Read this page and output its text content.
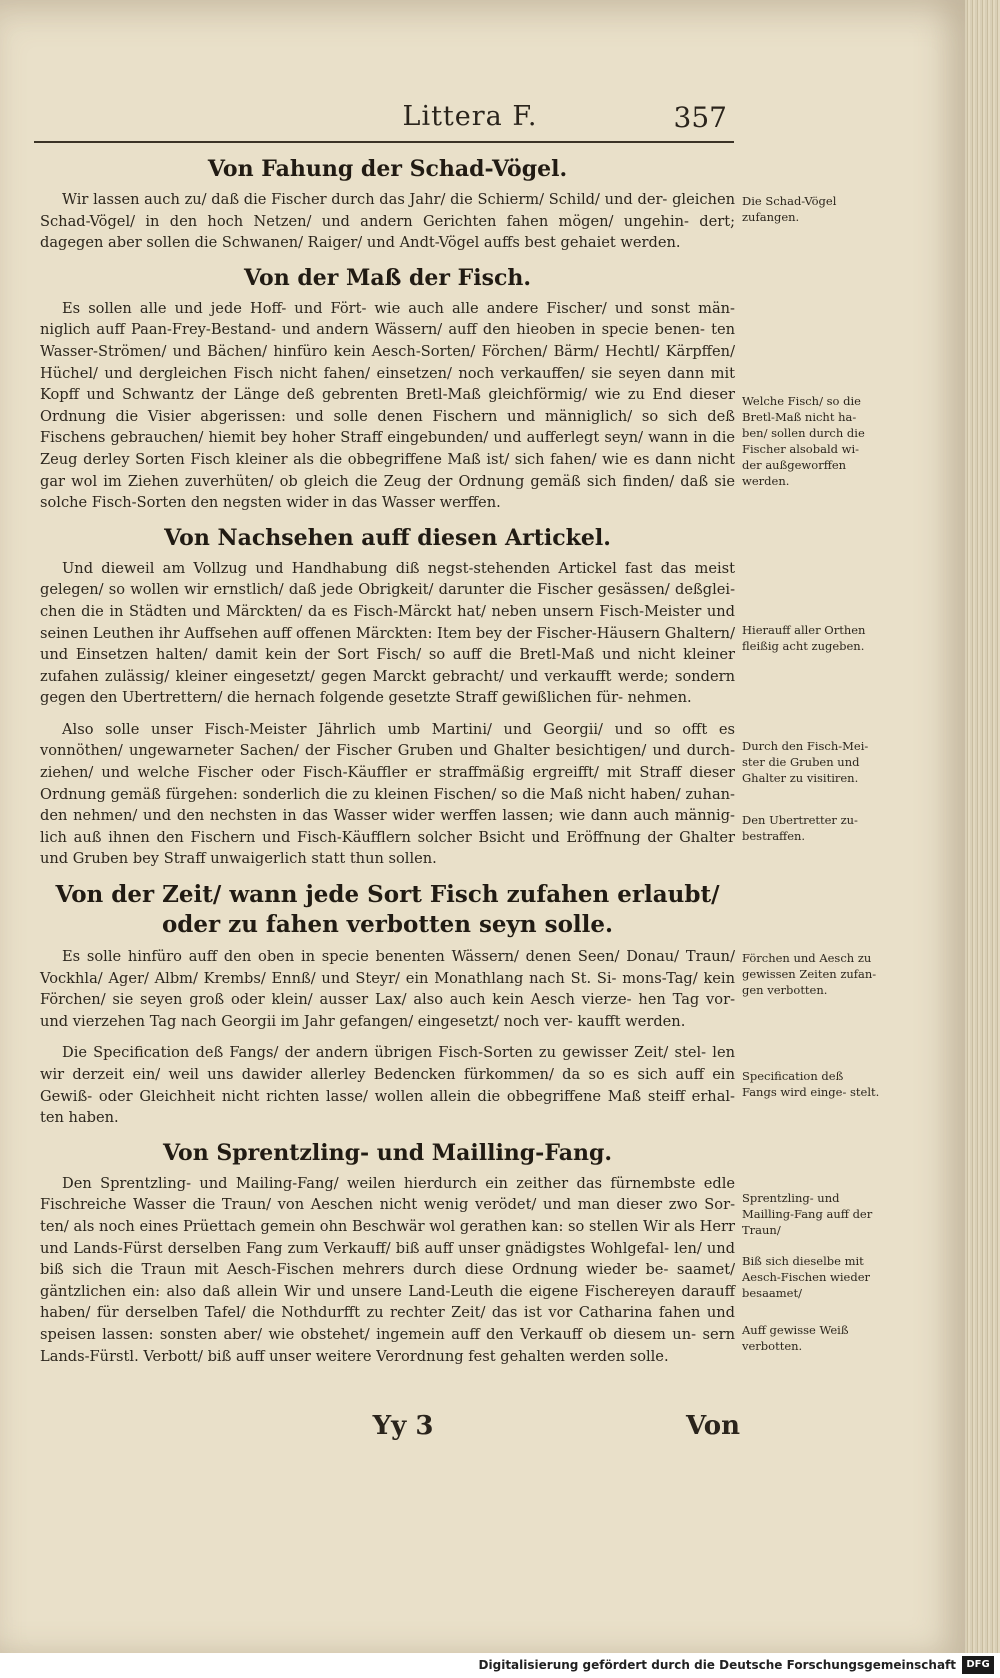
Littera F.	357
Von Fahung der Schad-Vögel.

Wir lassen auch zu/ daß die Fischer durch das Jahr/ die Schierm/ Schild/ und der- gleichen Schad-Vögel/ in den hoch Netzen/ und andern Gerichten fahen mögen/ ungehin- dert; dagegen aber sollen die Schwanen/ Raiger/ und Andt-Vögel auffs best gehaiet werden.

Von der Maß der Fisch.

Es sollen alle und jede Hoff- und Fört- wie auch alle andere Fischer/ und sonst män- niglich auff Paan-Frey-Bestand- und andern Wässern/ auff den hieoben in specie benen- ten Wasser-Strömen/ und Bächen/ hinfüro kein Aesch-Sorten/ Förchen/ Bärm/ Hechtl/ Kärpffen/ Hüchel/ und dergleichen Fisch nicht fahen/ einsetzen/ noch verkauffen/ sie seyen dann mit Kopff und Schwantz der Länge deß gebrenten Bretl-Maß gleichförmig/ wie zu End dieser Ordnung die Visier abgerissen: und solle denen Fischern und männiglich/ so sich deß Fischens gebrauchen/ hiemit bey hoher Straff eingebunden/ und aufferlegt seyn/ wann in die Zeug derley Sorten Fisch kleiner als die obbegriffene Maß ist/ sich fahen/ wie es dann nicht gar wol im Ziehen zuverhüten/ ob gleich die Zeug der Ordnung gemäß sich finden/ daß sie solche Fisch-Sorten den negsten wider in das Wasser werffen.

Von Nachsehen auff diesen Artickel.

Und dieweil am Vollzug und Handhabung diß negst-stehenden Artickel fast das meist gelegen/ so wollen wir ernstlich/ daß jede Obrigkeit/ darunter die Fischer gesässen/ deßglei- chen die in Städten und Märckten/ da es Fisch-Märckt hat/ neben unsern Fisch-Meister und seinen Leuthen ihr Auffsehen auff offenen Märckten: Item bey der Fischer-Häusern Ghaltern/ und Einsetzen halten/ damit kein der Sort Fisch/ so auff die Bretl-Maß und nicht kleiner zufahen zulässig/ kleiner eingesetzt/ gegen Marckt gebracht/ und verkaufft werde; sondern gegen den Ubertrettern/ die hernach folgende gesetzte Straff gewißlichen für- nehmen.

Also solle unser Fisch-Meister Jährlich umb Martini/ und Georgii/ und so offt es vonnöthen/ ungewarneter Sachen/ der Fischer Gruben und Ghalter besichtigen/ und durch- ziehen/ und welche Fischer oder Fisch-Käuffler er straffmäßig ergreifft/ mit Straff dieser Ordnung gemäß fürgehen: sonderlich die zu kleinen Fischen/ so die Maß nicht haben/ zuhan- den nehmen/ und den nechsten in das Wasser wider werffen lassen; wie dann auch männig- lich auß ihnen den Fischern und Fisch-Käufflern solcher Bsicht und Eröffnung der Ghalter und Gruben bey Straff unwaigerlich statt thun sollen.

Von der Zeit/ wann jede Sort Fisch zufahen erlaubt/ oder zu fahen verbotten seyn solle.

Es solle hinfüro auff den oben in specie benenten Wässern/ denen Seen/ Donau/ Traun/ Vockhla/ Ager/ Albm/ Krembs/ Ennß/ und Steyr/ ein Monathlang nach St. Si- mons-Tag/ kein Förchen/ sie seyen groß oder klein/ ausser Lax/ also auch kein Aesch vierze- hen Tag vor- und vierzehen Tag nach Georgii im Jahr gefangen/ eingesetzt/ noch ver- kaufft werden.

Die Specification deß Fangs/ der andern übrigen Fisch-Sorten zu gewisser Zeit/ stel- len wir derzeit ein/ weil uns dawider allerley Bedencken fürkommen/ da so es sich auff ein Gewiß- oder Gleichheit nicht richten lasse/ wollen allein die obbegriffene Maß steiff erhal- ten haben.

Von Sprentzling- und Mailling-Fang.

Den Sprentzling- und Mailing-Fang/ weilen hierdurch ein zeither das fürnembste edle Fischreiche Wasser die Traun/ von Aeschen nicht wenig verödet/ und man dieser zwo Sor- ten/ als noch eines Prüettach gemein ohn Beschwär wol gerathen kan: so stellen Wir als Herr und Lands-Fürst derselben Fang zum Verkauff/ biß auff unser gnädigstes Wohlgefal- len/ und biß sich die Traun mit Aesch-Fischen mehrers durch diese Ordnung wieder be- saamet/ gäntzlichen ein: also daß allein Wir und unsere Land-Leuth die eigene Fischereyen darauff haben/ für derselben Tafel/ die Nothdurfft zu rechter Zeit/ das ist vor Catharina fahen und speisen lassen: sonsten aber/ wie obstehet/ ingemein auff den Verkauff ob diesem un- sern Lands-Fürstl. Verbott/ biß auff unser weitere Verordnung fest gehalten werden solle.

Die Schad-Vögel zufangen.
Welche Fisch/ so die Bretl-Maß nicht ha- ben/ sollen durch die Fischer alsobald wi- der außgeworffen werden.
Hierauff aller Orthen fleißig acht zugeben.
Durch den Fisch-Mei- ster die Gruben und Ghalter zu visitiren.
Den Ubertretter zu- bestraffen.
Förchen und Aesch zu gewissen Zeiten zufan- gen verbotten.
Specification deß Fangs wird einge- stelt.
Sprentzling- und Mailling-Fang auff der Traun/
Biß sich dieselbe mit Aesch-Fischen wieder besaamet/
Auff gewisse Weiß verbotten.
Yy 3	Von
Digitalisierung gefördert durch die Deutsche Forschungsgemeinschaft	DFG
